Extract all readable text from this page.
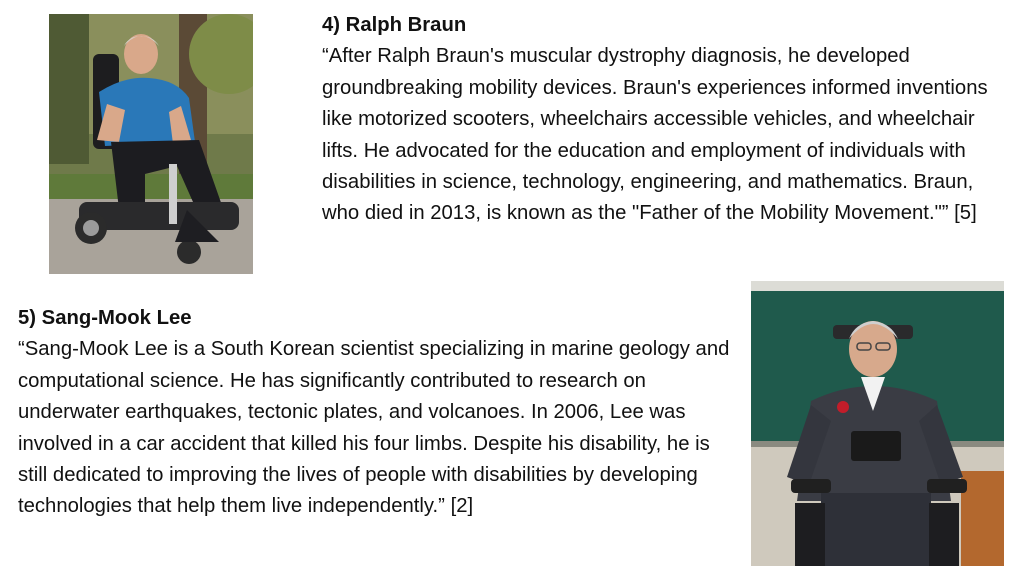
4) Ralph Braun

“After Ralph Braun's muscular dystrophy diagnosis, he developed groundbreaking mobility devices. Braun's experiences informed inventions like motorized scooters, wheelchairs accessible vehicles, and wheelchair lifts. He advocated for the education and employment of individuals with disabilities in science, technology, engineering, and mathematics. Braun, who died in 2013, is known as the "Father of the Mobility Movement."” [5]

5) Sang-Mook Lee

“Sang-Mook Lee is a South Korean scientist specializing in marine geology and computational science. He has significantly contributed to research on underwater earthquakes, tectonic plates, and volcanoes. In 2006, Lee was involved in a car accident that killed his four limbs. Despite his disability, he is still dedicated to improving the lives of people with disabilities by developing technologies that help them live independently.” [2]
